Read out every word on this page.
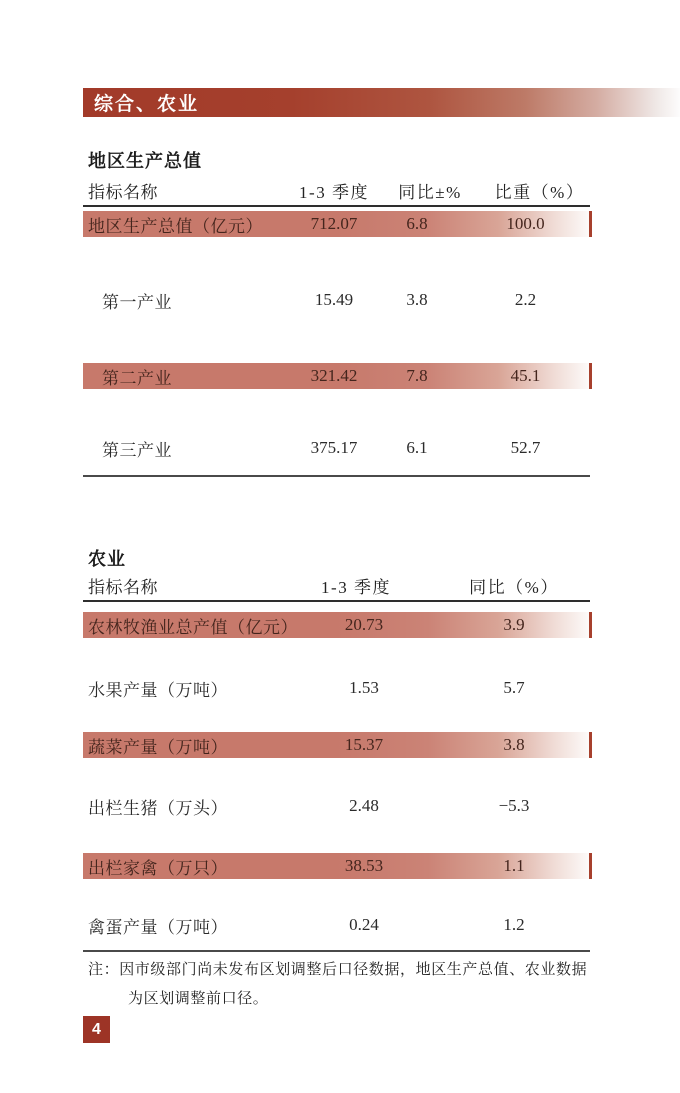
综合、农业
地区生产总值
指标名称	1-3 季度	同比±%	比重（%）
地区生产总值（亿元）	712.07	6.8	100.0
第一产业	15.49	3.8	2.2
第二产业	321.42	7.8	45.1
第三产业	375.17	6.1	52.7
农业
指标名称	1-3 季度	同比（%）
农林牧渔业总产值（亿元）	20.73	3.9
水果产量（万吨）	1.53	5.7
蔬菜产量（万吨）	15.37	3.8
出栏生猪（万头）	2.48	−5.3
出栏家禽（万只）	38.53	1.1
禽蛋产量（万吨）	0.24	1.2
注：因市级部门尚未发布区划调整后口径数据，地区生产总值、农业数据
为区划调整前口径。
4
